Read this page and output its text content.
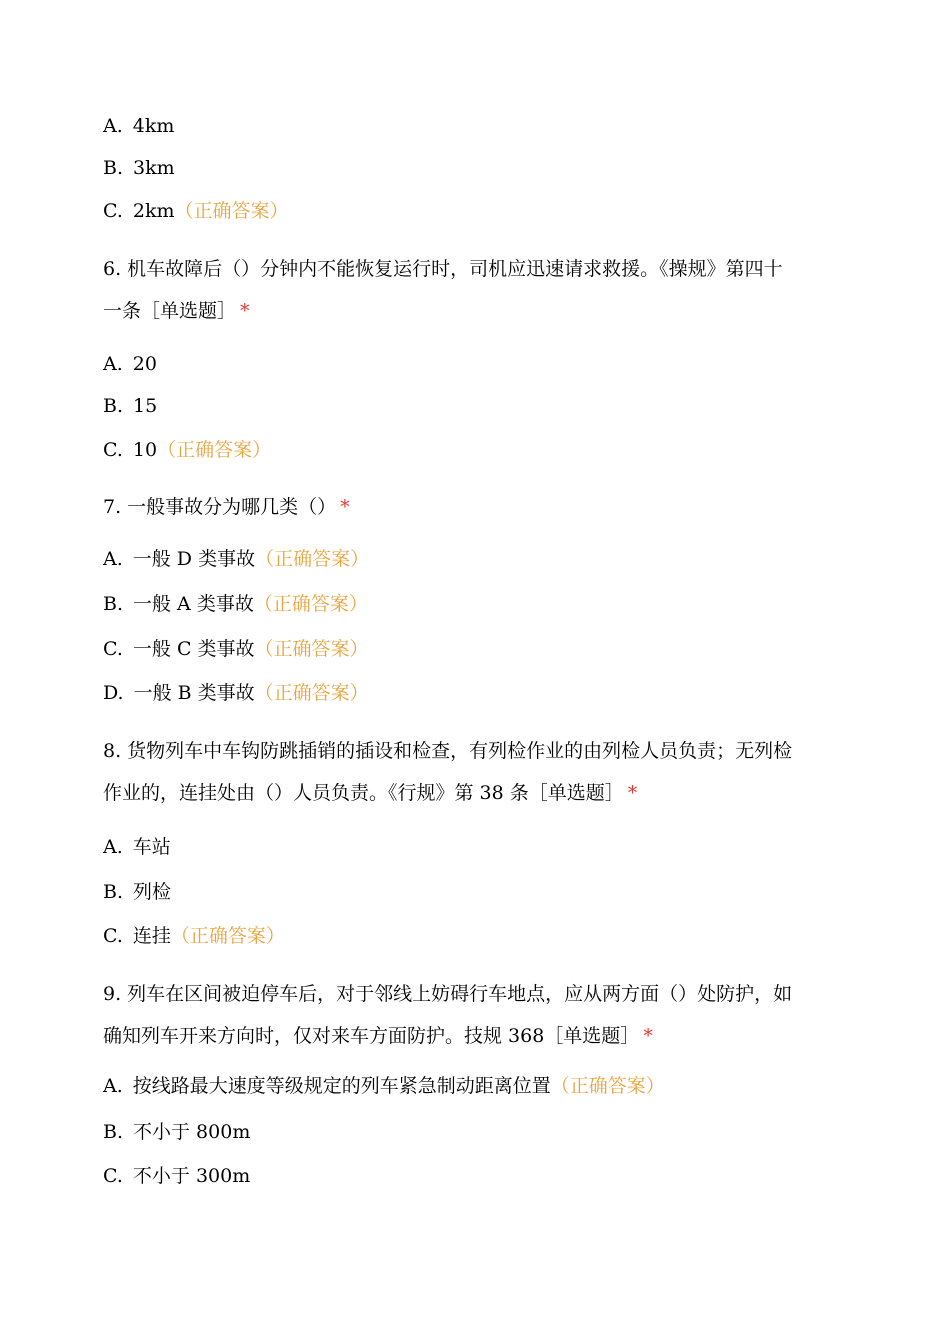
A. 4km
B. 3km
C. 2km（正确答案）
6. 机车故障后（）分钟内不能恢复运行时，司机应迅速请求救援。《操规》第四十
一条［单选题］ *
A. 20
B. 15
C. 10（正确答案）
7. 一般事故分为哪几类（） *
A. 一般 D 类事故（正确答案）
B. 一般 A 类事故（正确答案）
C. 一般 C 类事故（正确答案）
D. 一般 B 类事故（正确答案）
8. 货物列车中车钩防跳插销的插设和检查，有列检作业的由列检人员负责；无列检
作业的，连挂处由（）人员负责。《行规》第 38 条［单选题］ *
A. 车站
B. 列检
C. 连挂（正确答案）
9. 列车在区间被迫停车后，对于邻线上妨碍行车地点，应从两方面（）处防护，如
确知列车开来方向时，仅对来车方面防护。技规 368［单选题］ *
A. 按线路最大速度等级规定的列车紧急制动距离位置（正确答案）
B. 不小于 800m
C. 不小于 300m
